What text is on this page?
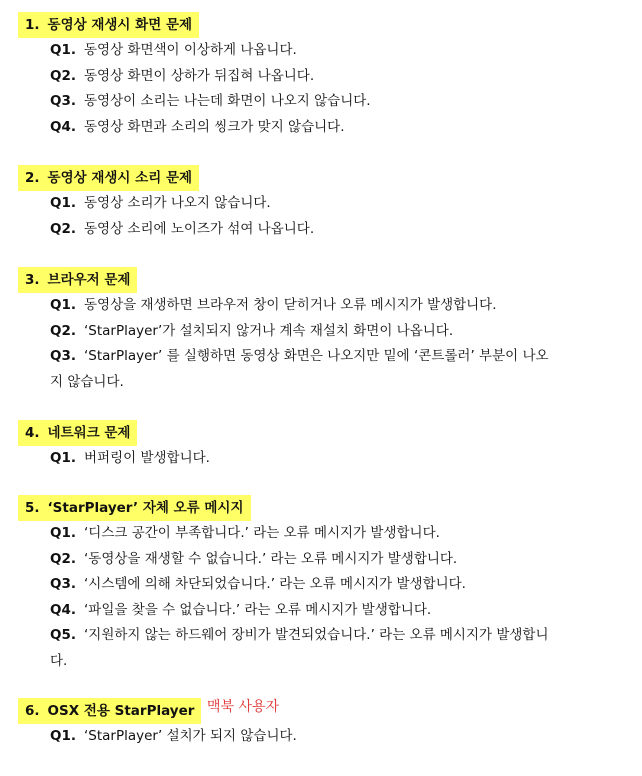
1. 동영상 재생시 화면 문제
Q1. 동영상 화면색이 이상하게 나옵니다.
Q2. 동영상 화면이 상하가 뒤집혀 나옵니다.
Q3. 동영상이 소리는 나는데 화면이 나오지 않습니다.
Q4. 동영상 화면과 소리의 씽크가 맞지 않습니다.
2. 동영상 재생시 소리 문제
Q1. 동영상 소리가 나오지 않습니다.
Q2. 동영상 소리에 노이즈가 섞여 나옵니다.
3. 브라우저 문제
Q1. 동영상을 재생하면 브라우저 창이 닫히거나 오류 메시지가 발생합니다.
Q2. ‘StarPlayer’가 설치되지 않거나 계속 재설치 화면이 나옵니다.
Q3. ‘StarPlayer’ 를 실행하면 동영상 화면은 나오지만 밑에 ‘콘트롤러’ 부분이 나오
지 않습니다.
4. 네트워크 문제
Q1. 버퍼링이 발생합니다.
5. ‘StarPlayer’ 자체 오류 메시지
Q1. ‘디스크 공간이 부족합니다.’ 라는 오류 메시지가 발생합니다.
Q2. ‘동영상을 재생할 수 없습니다.’ 라는 오류 메시지가 발생합니다.
Q3. ‘시스템에 의해 차단되었습니다.’ 라는 오류 메시지가 발생합니다.
Q4. ‘파일을 찾을 수 없습니다.’ 라는 오류 메시지가 발생합니다.
Q5. ‘지원하지 않는 하드웨어 장비가 발견되었습니다.’ 라는 오류 메시지가 발생합니
다.
6. OSX 전용 StarPlayer 맥북 사용자
Q1. ‘StarPlayer’ 설치가 되지 않습니다.
